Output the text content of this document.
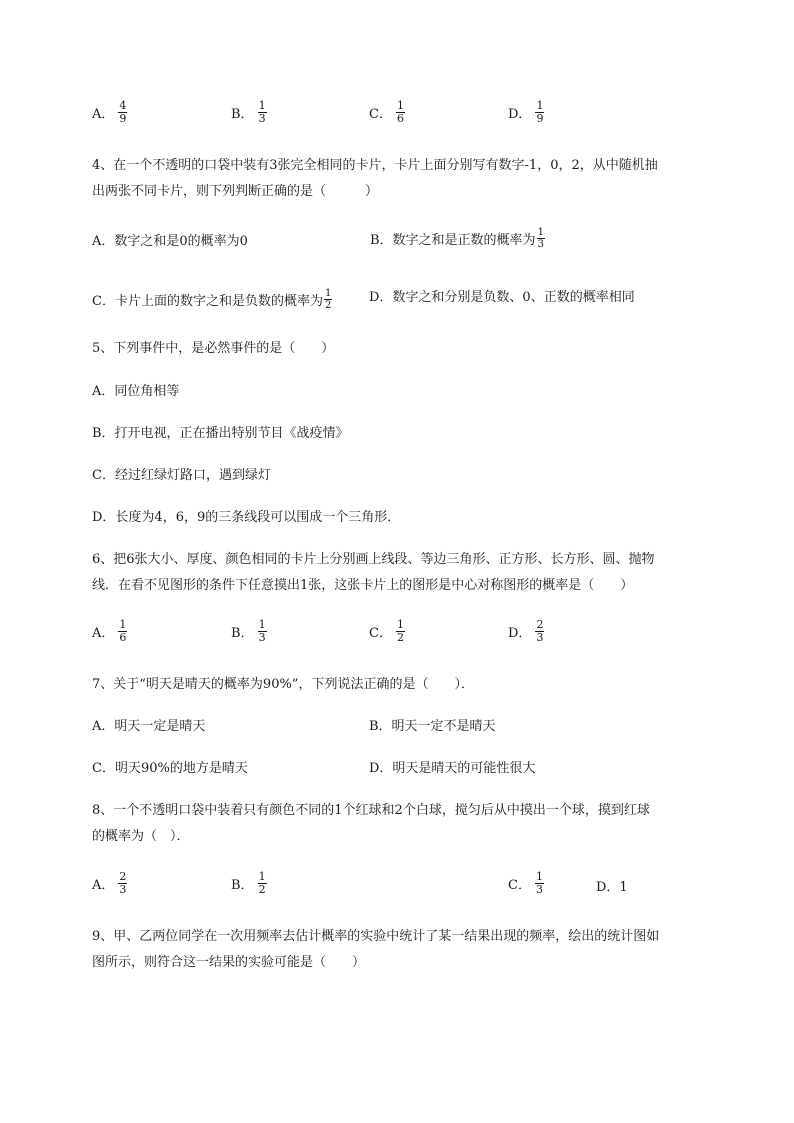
A． $\frac{4}{9}$	B． $\frac{1}{3}$	C． $\frac{1}{6}$	D． $\frac{1}{9}$
4、在一个不透明的口袋中装有3张完全相同的卡片，卡片上面分别写有数字-1，0，2，从中随机抽
出两张不同卡片，则下列判断正确的是（　　　）
A．数字之和是0的概率为0	B．数字之和是正数的概率为 $\frac{1}{3}$
C．卡片上面的数字之和是负数的概率为 $\frac{1}{2}$	D．数字之和分别是负数、0、正数的概率相同
5、下列事件中，是必然事件的是（　　）
A．同位角相等
B．打开电视，正在播出特别节目《战疫情》
C．经过红绿灯路口，遇到绿灯
D．长度为4，6，9的三条线段可以围成一个三角形．
6、把6张大小、厚度、颜色相同的卡片上分别画上线段、等边三角形、正方形、长方形、圆、抛物
线．在看不见图形的条件下任意摸出1张，这张卡片上的图形是中心对称图形的概率是（　　）
A． $\frac{1}{6}$	B． $\frac{1}{3}$	C． $\frac{1}{2}$	D． $\frac{2}{3}$
7、关于“明天是晴天的概率为90%”，下列说法正确的是（　　）．
A．明天一定是晴天	B．明天一定不是晴天
C．明天90%的地方是晴天	D．明天是晴天的可能性很大
8、一个不透明口袋中装着只有颜色不同的1个红球和2个白球，搅匀后从中摸出一个球，摸到红球
的概率为（　）．
A． $\frac{2}{3}$	B． $\frac{1}{2}$	C． $\frac{1}{3}$	D．1
9、甲、乙两位同学在一次用频率去估计概率的实验中统计了某一结果出现的频率，绘出的统计图如
图所示，则符合这一结果的实验可能是（　　）
